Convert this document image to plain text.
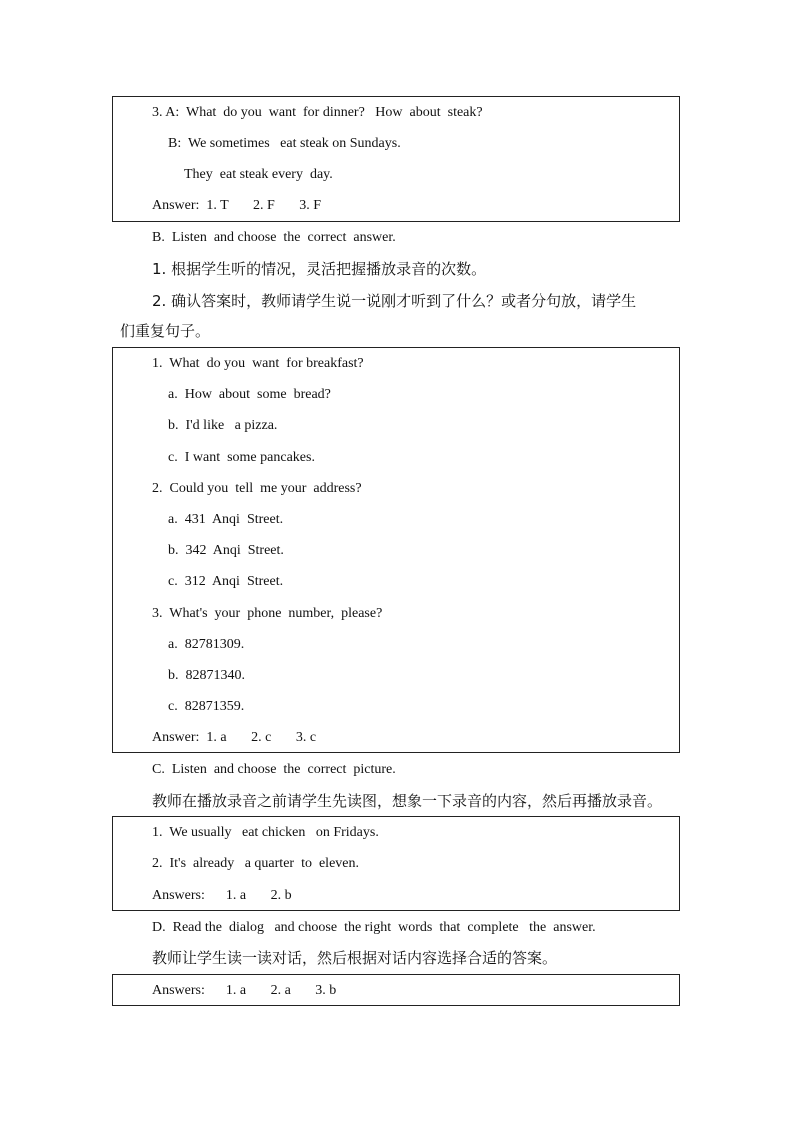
3. A:  What  do you  want  for dinner?   How  about  steak?
B:  We sometimes   eat steak on Sundays.
They  eat steak every  day.
Answer:  1. T       2. F       3. F
B.  Listen  and choose  the  correct  answer.
1. 根据学生听的情况，灵活把握播放录音的次数。
2. 确认答案时，教师请学生说一说刚才听到了什么？或者分句放，请学生
们重复句子。
1.  What  do you  want  for breakfast?
a.  How  about  some  bread?
b.  I'd like   a pizza.
c.  I want  some pancakes.
2.  Could you  tell  me your  address?
a.  431  Anqi  Street.
b.  342  Anqi  Street.
c.  312  Anqi  Street.
3.  What's  your  phone  number,  please?
a.  82781309.
b.  82871340.
c.  82871359.
Answer:  1. a       2. c       3. c
C.  Listen  and choose  the  correct  picture.
教师在播放录音之前请学生先读图，想象一下录音的内容，然后再播放录音。
1.  We usually   eat chicken   on Fridays.
2.  It's  already   a quarter  to  eleven.
Answers:      1. a       2. b
D.  Read the  dialog   and choose  the right  words  that  complete   the  answer.
教师让学生读一读对话，然后根据对话内容选择合适的答案。
Answers:      1. a       2. a       3. b
